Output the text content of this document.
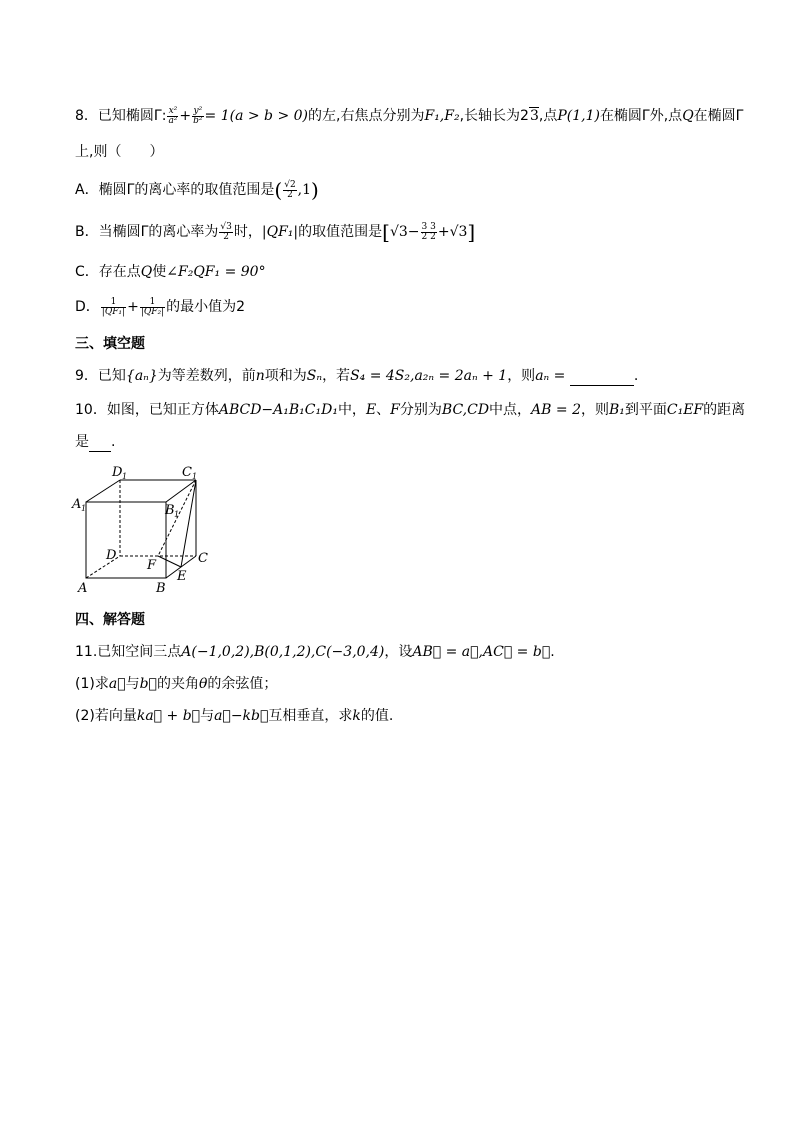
8．已知椭圆Γ: $\frac{\text{x²}}{\text{a²}} + \frac{\text{y²}}{\text{b²}} = 1(a > b > 0)$的左,右焦点分别为F₁,F₂,长轴长为23,点P(1,1)在椭圆Γ外,点Q在椭圆Γ
上,则（　　）
A．椭圆Γ的离心率的取值范围是( $\frac{√2}{2} ,1$)
B．当椭圆Γ的离心率为 $\frac{√3}{2}$ 时，|QF₁|的取值范围是$[√3- \frac{3 3}{2 2} +√3]$
C．存在点Q使∠F₂QF₁ = 90°
D． $\frac{1}{\text{|QF₁|}} + \frac{1}{\text{|QF₂|}}$ 的最小值为2
三、填空题
9．已知{aₙ}为等差数列，前n项和为Sₙ，若S₄ = 4S₂,a₂ₙ = 2aₙ + 1，则aₙ =	.
10．如图，已知正方体ABCD−A₁B₁C₁D₁中，E、F分别为BC,CD中点，AB = 2，则B₁到平面C₁EF的距离
是 .
A 1
D 1	C 1
B 1
D
F	C
E
A	B
四、解答题
11.已知空间三点A(−1,0,2),B(0,1,2),C(−3,0,4)，设AB⃗ = a⃗,AC⃗ = b⃗.
(1)求a⃗与b⃗的夹角θ的余弦值；
(2)若向量ka⃗ + b⃗与a⃗−kb⃗互相垂直，求k的值.
